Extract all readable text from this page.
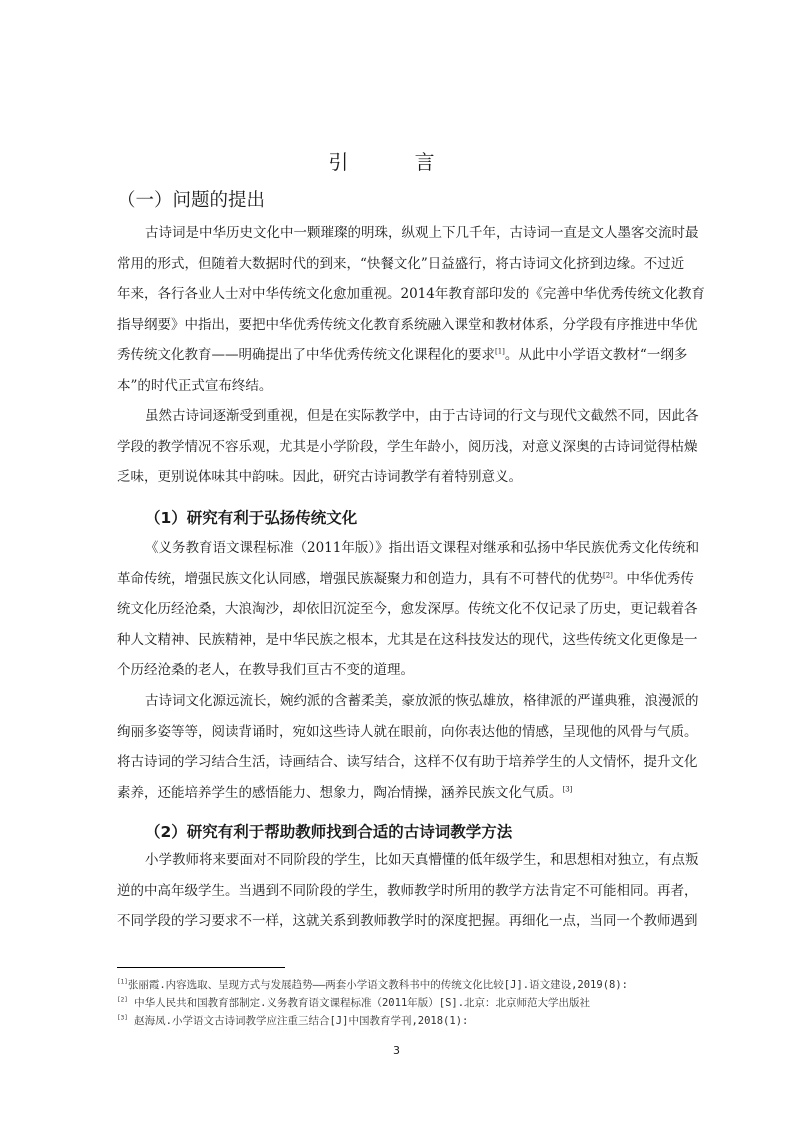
引 言
（一）问题的提出
古诗词是中华历史文化中一颗璀璨的明珠，纵观上下几千年，古诗词一直是文人墨客交流时最
常用的形式，但随着大数据时代的到来，“快餐文化”日益盛行，将古诗词文化挤到边缘。不过近
年来，各行各业人士对中华传统文化愈加重视。2014年教育部印发的《完善中华优秀传统文化教育
指导纲要》中指出，要把中华优秀传统文化教育系统融入课堂和教材体系，分学段有序推进中华优
秀传统文化教育——明确提出了中华优秀传统文化课程化的要求[1]。从此中小学语文教材“一纲多
本”的时代正式宣布终结。
虽然古诗词逐渐受到重视，但是在实际教学中，由于古诗词的行文与现代文截然不同，因此各
学段的教学情况不容乐观，尤其是小学阶段，学生年龄小，阅历浅，对意义深奥的古诗词觉得枯燥
乏味，更别说体味其中韵味。因此，研究古诗词教学有着特别意义。
（1）研究有利于弘扬传统文化
《义务教育语文课程标准（2011年版）》指出语文课程对继承和弘扬中华民族优秀文化传统和
革命传统，增强民族文化认同感，增强民族凝聚力和创造力，具有不可替代的优势[2]。中华优秀传
统文化历经沧桑，大浪淘沙，却依旧沉淀至今，愈发深厚。传统文化不仅记录了历史，更记载着各
种人文精神、民族精神，是中华民族之根本，尤其是在这科技发达的现代，这些传统文化更像是一
个历经沧桑的老人，在教导我们亘古不变的道理。
古诗词文化源远流长，婉约派的含蓄柔美，豪放派的恢弘雄放，格律派的严谨典雅，浪漫派的
绚丽多姿等等，阅读背诵时，宛如这些诗人就在眼前，向你表达他的情感，呈现他的风骨与气质。
将古诗词的学习结合生活，诗画结合、读写结合，这样不仅有助于培养学生的人文情怀，提升文化
素养，还能培养学生的感悟能力、想象力，陶冶情操，涵养民族文化气质。[3]
（2）研究有利于帮助教师找到合适的古诗词教学方法
小学教师将来要面对不同阶段的学生，比如天真懵懂的低年级学生，和思想相对独立，有点叛
逆的中高年级学生。当遇到不同阶段的学生，教师教学时所用的教学方法肯定不可能相同。再者，
不同学段的学习要求不一样，这就关系到教师教学时的深度把握。再细化一点，当同一个教师遇到
[1]张丽霞.内容选取、呈现方式与发展趋势——两套小学语文教科书中的传统文化比较[J].语文建设,2019(8):
[2] 中华人民共和国教育部制定.义务教育语文课程标准（2011年版）[S].北京：北京师范大学出版社
[3] 赵海凤.小学语文古诗词教学应注重三结合[J]中国教育学刊,2018(1):
3
